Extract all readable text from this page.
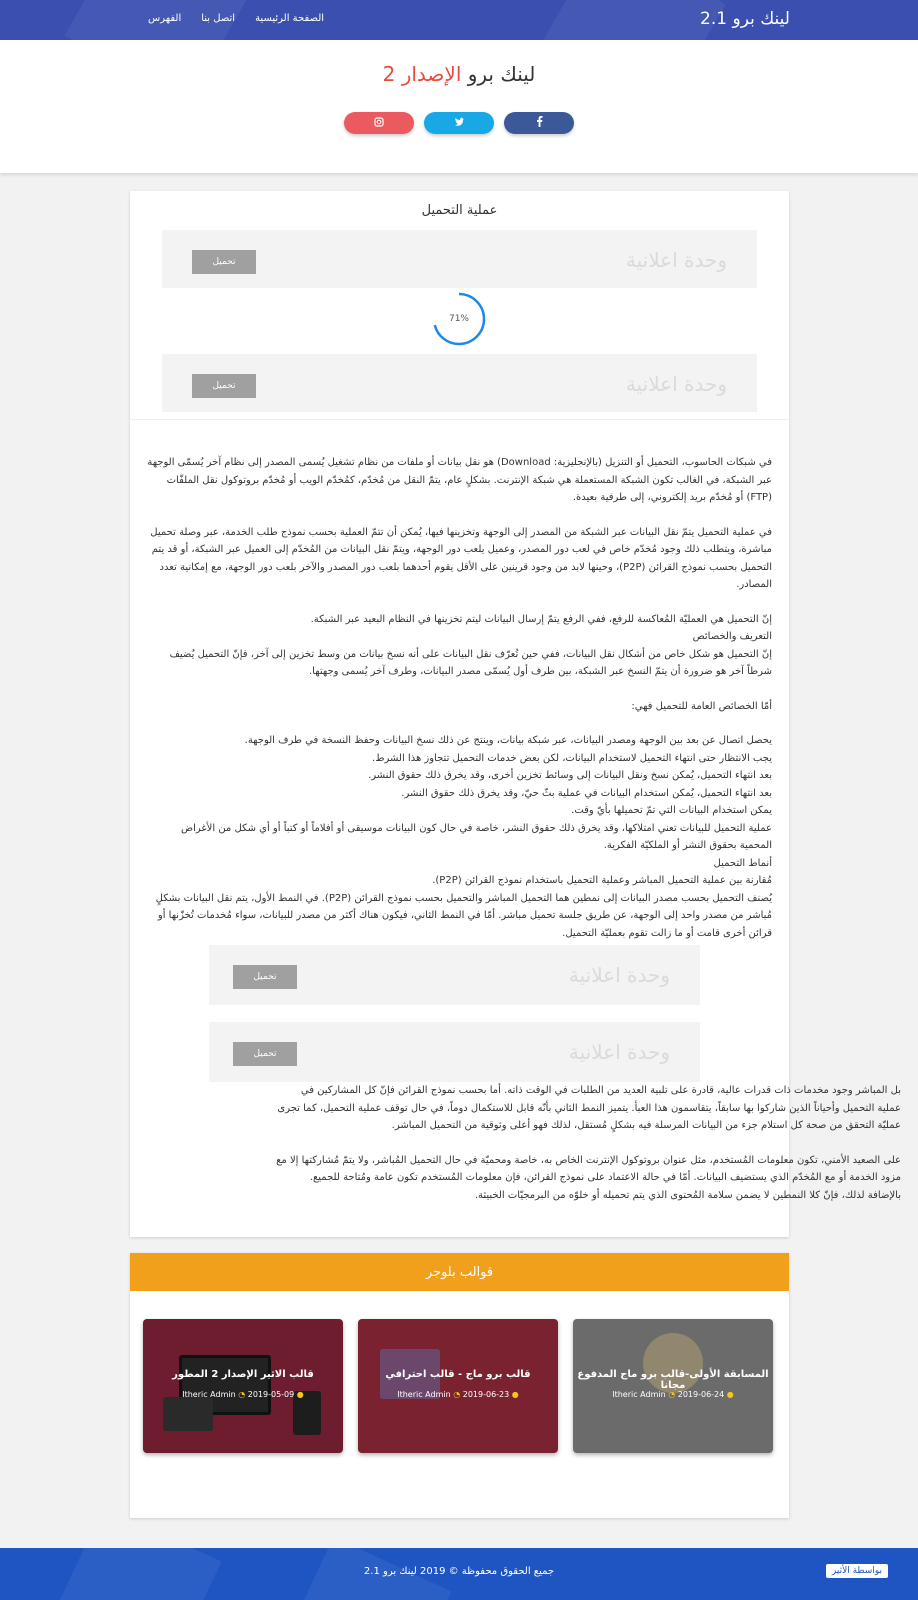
لينك برو 2.1
الصفحة الرئيسية
اتصل بنا
الفهرس
لينك برو الإصدار 2
عملية التحميل
وحدة اعلانية
تحميل
71%
وحدة اعلانية
تحميل

في شبكات الحاسوب، التحميل أو التنزيل (بالإنجليزية: Download) هو نقل بيانات أو ملفات من نظام تشغيل يُسمى المصدر إلى نظام آخر يُسمّى الوجهة عبر الشبكة، في الغالب تكون الشبكة المستعملة هي شبكة الإنترنت. بشكلٍ عام، يتمّ النقل من مُخدّم، كمُخدّم الويب أو مُخدّم بروتوكول نقل الملفّات (FTP) أو مُخدّم بريد إلكتروني، إلى طرفية بعيدة.

في عملية التحميل يتمّ نقل البيانات عبر الشبكة من المصدر إلى الوجهة وتخزينها فيها، يُمكن أن تتمّ العملية بحسب نموذج طلب الخدمة، عبر وصلة تحميل مباشرة، ويتطلب ذلك وجود مُخدّم خاص في لعب دور المصدر، وعميل يلعب دور الوجهة، ويتمّ نقل البيانات من المُخدّم إلى العميل عبر الشبكة، أو قد يتم التحميل بحسب نموذج القرائن (P2P)، وحينها لابد من وجود قرينين على الأقل يقوم أحدهما بلعب دور المصدر والآخر بلعب دور الوجهة، مع إمكانية تعدد المصادر.

إنّ التحميل هي العمليّة المُعاكسة للرفع، ففي الرفع يتمّ إرسال البيانات ليتم تخزينها في النظام البعيد عبر الشبكة.
التعريف والخصائص
إنّ التحميل هو شكل خاص من أشكال نقل البيانات، ففي حين تُعرّف نقل البيانات على أنه نسخ بيانات من وسط تخزين إلى آخر، فإنّ التحميل يُضيف شرطاً آخر هو ضرورة أن يتمّ النسخ عبر الشبكة، بين طرف أول يُسمّى مصدر البيانات، وطرف آخر يُسمى وجهتها.

أمّا الخصائص العامة للتحميل فهي:

يحصل اتصال عن بعد بين الوجهة ومصدر البيانات، عبر شبكة بيانات، وينتج عن ذلك نسخ البيانات وحفظ النسخة في طرف الوجهة.
يجب الانتظار حتى انتهاء التحميل لاستخدام البيانات، لكن بعض خدمات التحميل تتجاوز هذا الشرط.
بعد انتهاء التحميل، يُمكن نسخ ونقل البيانات إلى وسائط تخزين أخرى، وقد يخرق ذلك حقوق النشر.
بعد انتهاء التحميل، يُمكن استخدام البيانات في عملية بثّ حيّ، وقد يخرق ذلك حقوق النشر.
يمكن استخدام البيانات التي تمّ تحميلها بأيّ وقت.
عملية التحميل للبيانات تعني امتلاكها، وقد يخرق ذلك حقوق النشر، خاصة في حال كون البيانات موسيقى أو أفلاماً أو كتباً أو أي شكل من الأغراض المحمية بحقوق النشر أو الملكيّة الفكرية.
أنماط التحميل
مُقارنة بين عملية التحميل المباشر وعملية التحميل باستخدام نموذج القرائن (P2P).
يُصنف التحميل بحسب مصدر البيانات إلى نمطين هما التحميل المباشر والتحميل بحسب نموذج القرائن (P2P). في النمط الأول، يتم نقل البيانات بشكلٍ مُباشر من مصدر واحد إلى الوجهة، عن طريق جلسة تحميل مباشر. أمّا في النمط الثاني، فيكون هناك أكثر من مصدر للبيانات، سواء مُخدمات تُخزّنها أو قرائن أخرى قامت أو ما زالت تقوم بعمليّة التحميل.

وحدة اعلانية
تحميل
وحدة اعلانية
تحميل

بل المباشر وجود مخدمات ذات قدرات عالية، قادرة على تلبية العديد من الطلبات في الوقت ذاته. أما بحسب نموذج القرائن فإنّ كل المشاركين في عملية التحميل وأحياناً الذين شاركوا بها سابقاً، يتقاسمون هذا العبأ. يتميز النمط الثاني بأنّه قابل للاستكمال دوماً، في حال توقف عملية التحميل، كما تجرى عمليّة التحقق من صحة كل استلام جزء من البيانات المرسلة فيه بشكلٍ مُستقل، لذلك فهو أعلى وثوقية من التحميل المباشر.

على الصعيد الأمني، تكون معلومات المُستخدم، مثل عنوان بروتوكول الإنترنت الخاص به، خاصة ومحميّة في حال التحميل المُباشر، ولا يتمّ مُشاركتها إلا مع مزود الخدمة أو مع المُخدّم الذي يستضيف البيانات. أمّا في حالة الاعتماد على نموذج القرائن، فإن معلومات المُستخدم تكون عامة ومُتاحة للجميع. بالإضافة لذلك، فإنّ كلا النمطين لا يضمن سلامة المُحتوى الذي يتم تحميله أو خلوّه من البرمجيّات الخبيثة.

قوالب بلوجر
المسابقة الأولى-قالب برو ماج المدفوع مجانا
● Itheric Admin ◔ 2019-06-24
قالب برو ماج - قالب احترافي
● Itheric Admin ◔ 2019-06-23
قالب الاثير الإصدار 2 المطور
● Itheric Admin ◔ 2019-05-09
جميع الحقوق محفوظة © 2019 لينك برو 2.1	بواسطة الأثير
